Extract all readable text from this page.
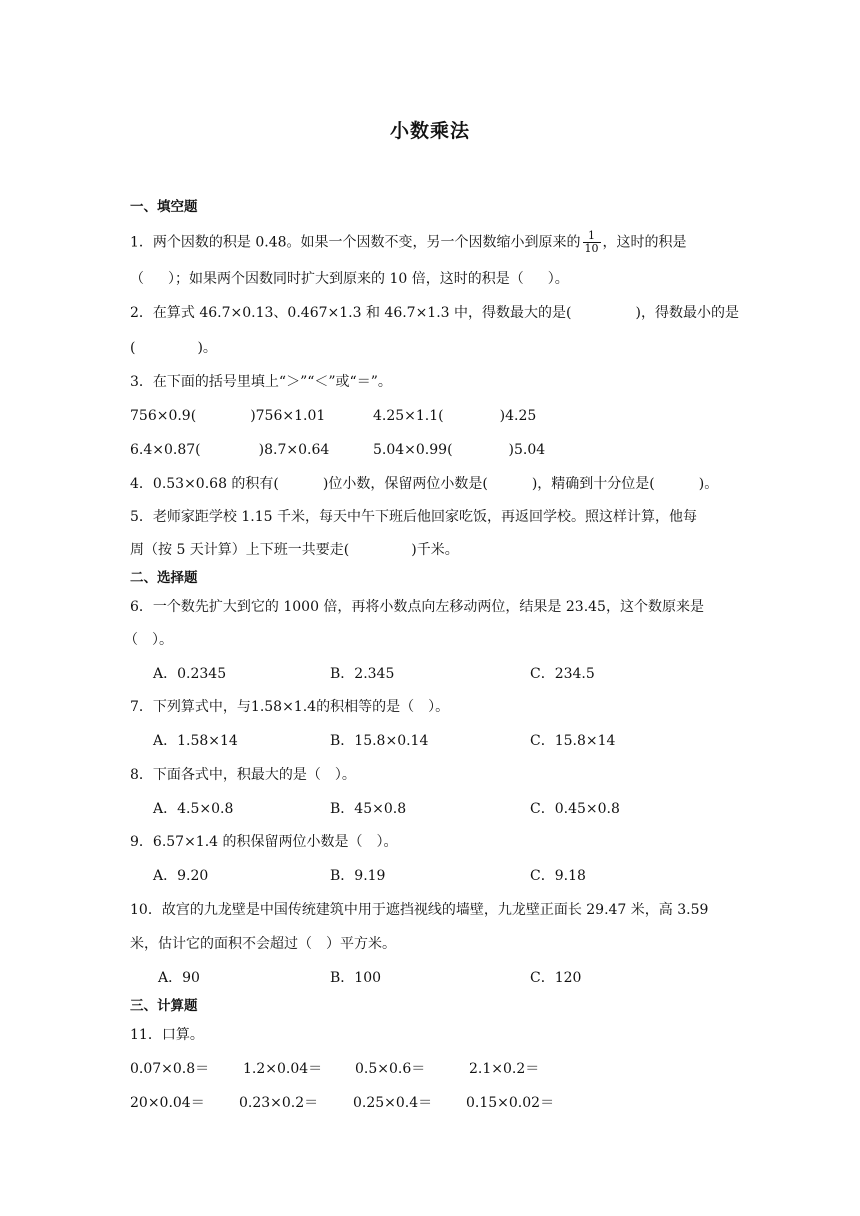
小数乘法
一、填空题
1．两个因数的积是 0.48。如果一个因数不变，另一个因数缩小到原来的 $\frac{1}{10}$ ，这时的积是
（ ）；如果两个因数同时扩大到原来的 10 倍，这时的积是（ ）。
2．在算式 46.7×0.13、0.467×1.3 和 46.7×1.3 中，得数最大的是(	)，得数最小的是
(	)。
3．在下面的括号里填上“＞”“＜”或“＝”。
756×0.9(	)756×1.01	4.25×1.1(	)4.25
6.4×0.87(	)8.7×0.64	5.04×0.99(	)5.04
4．0.53×0.68 的积有(	)位小数，保留两位小数是(	)，精确到十分位是(	)。
5．老师家距学校 1.15 千米，每天中午下班后他回家吃饭，再返回学校。照这样计算，他每
周（按 5 天计算）上下班一共要走(	)千米。
二、选择题
6．一个数先扩大到它的 1000 倍，再将小数点向左移动两位，结果是 23.45，这个数原来是
（　）。
A．0.2345	B．2.345	C．234.5
7．下列算式中，与1.58×1.4的积相等的是（　）。
A．1.58×14	B．15.8×0.14	C．15.8×14
8．下面各式中，积最大的是（　）。
A．4.5×0.8	B．45×0.8	C．0.45×0.8
9．6.57×1.4 的积保留两位小数是（　）。
A．9.20	B．9.19	C．9.18
10．故宫的九龙壁是中国传统建筑中用于遮挡视线的墙壁，九龙壁正面长 29.47 米，高 3.59
米，估计它的面积不会超过（　）平方米。
A．90	B．100	C．120
三、计算题
11．口算。
0.07×0.8＝ 1.2×0.04＝ 0.5×0.6＝	2.1×0.2＝
20×0.04＝ 0.23×0.2＝ 0.25×0.4＝ 0.15×0.02＝
